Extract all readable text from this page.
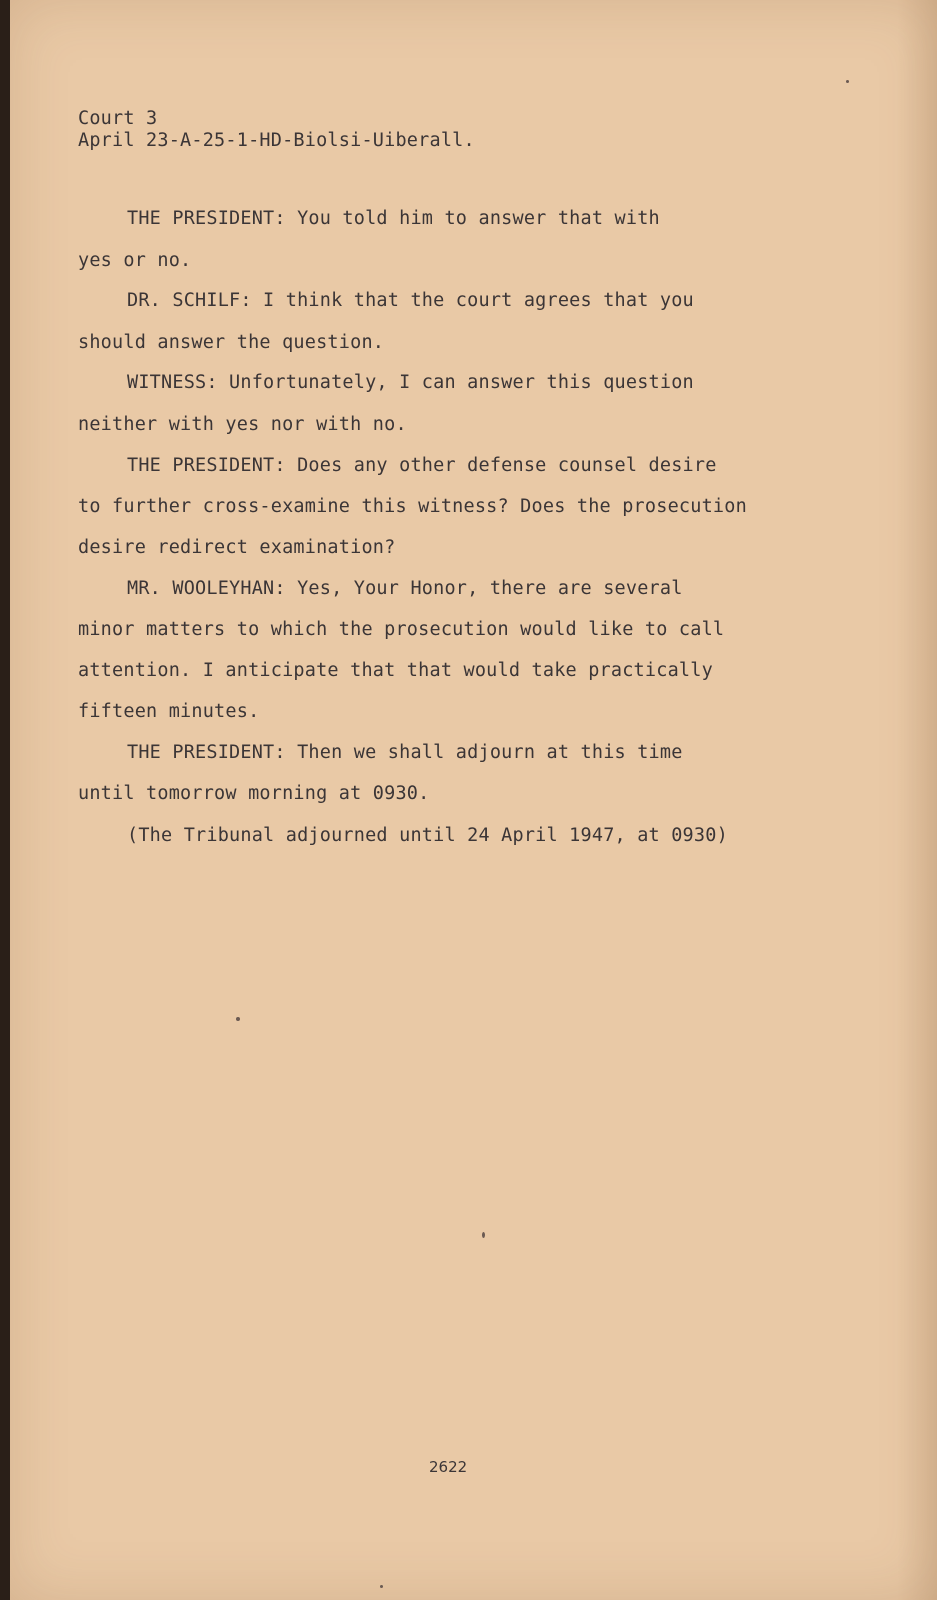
Court 3
April 23-A-25-1-HD-Biolsi-Uiberall.
THE PRESIDENT: You told him to answer that with
yes or no.
DR. SCHILF: I think that the court agrees that you
should answer the question.
WITNESS: Unfortunately, I can answer this question
neither with yes nor with no.
THE PRESIDENT: Does any other defense counsel desire
to further cross-examine this witness? Does the prosecution
desire redirect examination?
MR. WOOLEYHAN: Yes, Your Honor, there are several
minor matters to which the prosecution would like to call
attention. I anticipate that that would take practically
fifteen minutes.
THE PRESIDENT: Then we shall adjourn at this time
until tomorrow morning at 0930.
(The Tribunal adjourned until 24 April 1947, at 0930)
2622
